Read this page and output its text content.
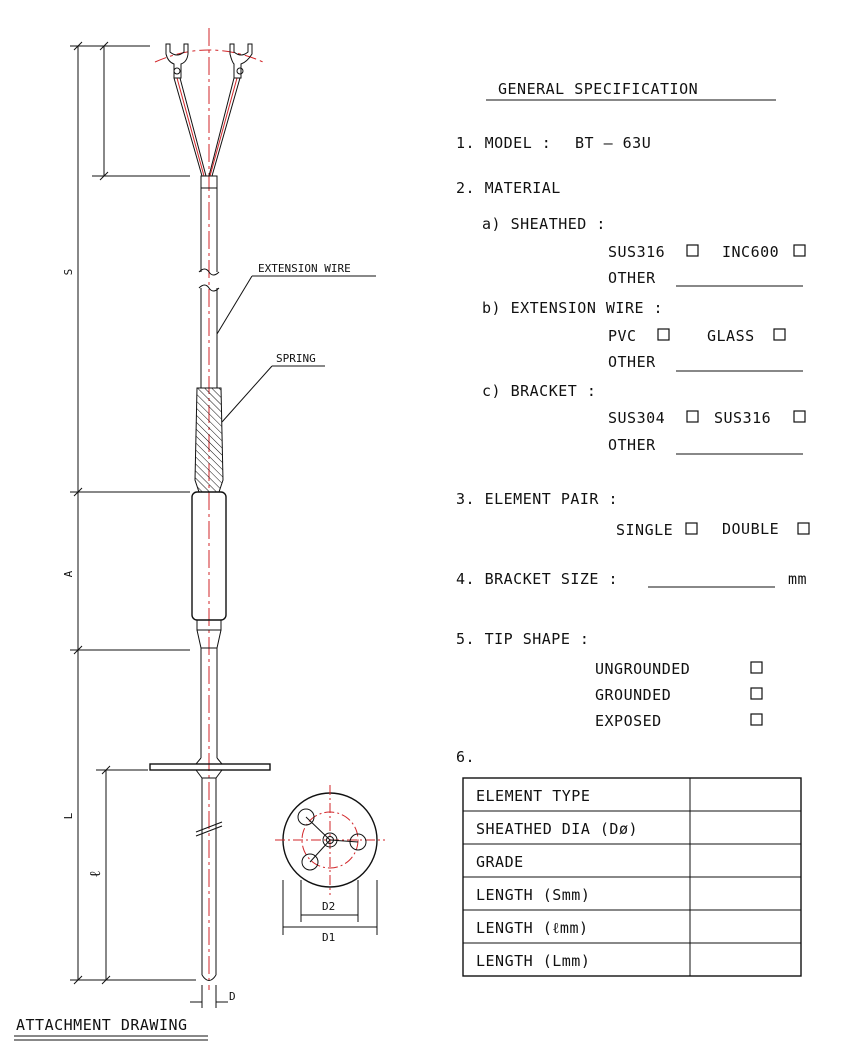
S
A
L
ℓ
D
EXTENSION WIRE
SPRING
D2
D1
ATTACHMENT DRAWING
GENERAL SPECIFICATION
1. MODEL : BT — 63U
2. MATERIAL
a) SHEATHED :
SUS316	INC600
OTHER
b) EXTENSION WIRE :
PVC	GLASS
OTHER
c) BRACKET :
SUS304	SUS316
OTHER
3. ELEMENT PAIR :
SINGLE	DOUBLE
4. BRACKET SIZE :	mm
5. TIP SHAPE :
UNGROUNDED
GROUNDED
EXPOSED
6.
ELEMENT TYPE
SHEATHED DIA (Dø)
GRADE
LENGTH (Smm)
LENGTH (ℓmm)
LENGTH (Lmm)
